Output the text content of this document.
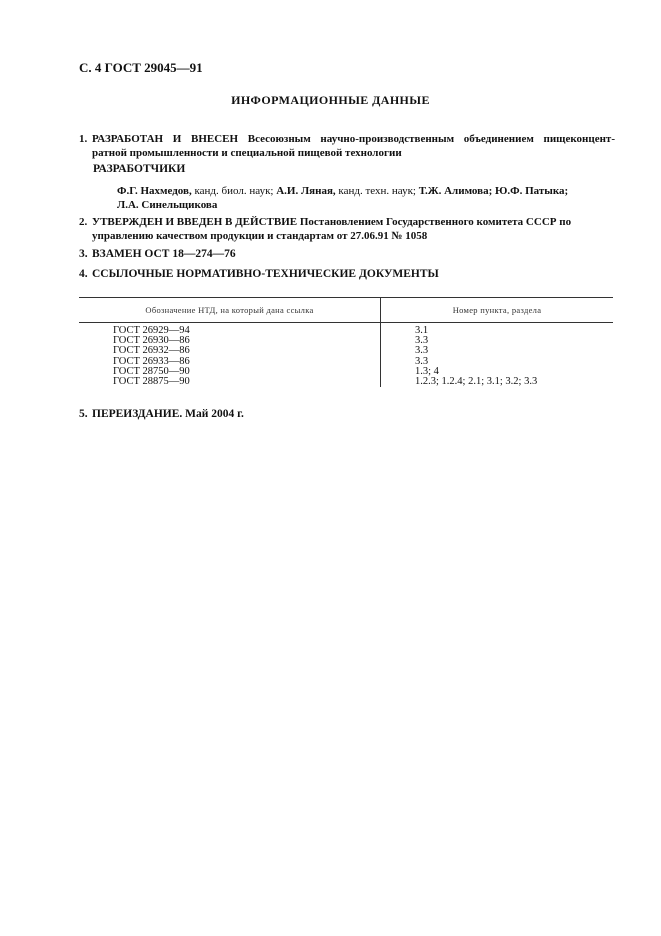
С. 4 ГОСТ 29045—91
ИНФОРМАЦИОННЫЕ ДАННЫЕ
1. РАЗРАБОТАН И ВНЕСЕН Всесоюзным научно-производственным объединением пищеконцент-
ратной промышленности и специальной пищевой технологии
РАЗРАБОТЧИКИ
Ф.Г. Нахмедов, канд. биол. наук; А.И. Ляная, канд. техн. наук; Т.Ж. Алимова; Ю.Ф. Патыка;
Л.А. Синельщикова
2. УТВЕРЖДЕН И ВВЕДЕН В ДЕЙСТВИЕ Постановлением Государственного комитета СССР по
управлению качеством продукции и стандартам от 27.06.91 № 1058
3. ВЗАМЕН ОСТ 18—274—76
4. ССЫЛОЧНЫЕ НОРМАТИВНО-ТЕХНИЧЕСКИЕ ДОКУМЕНТЫ
Обозначение НТД, на который дана ссылка	Номер пункта, раздела
ГОСТ 26929—94	3.1
ГОСТ 26930—86	3.3
ГОСТ 26932—86	3.3
ГОСТ 26933—86	3.3
ГОСТ 28750—90	1.3; 4
ГОСТ 28875—90	1.2.3; 1.2.4; 2.1; 3.1; 3.2; 3.3
5. ПЕРЕИЗДАНИЕ. Май 2004 г.
